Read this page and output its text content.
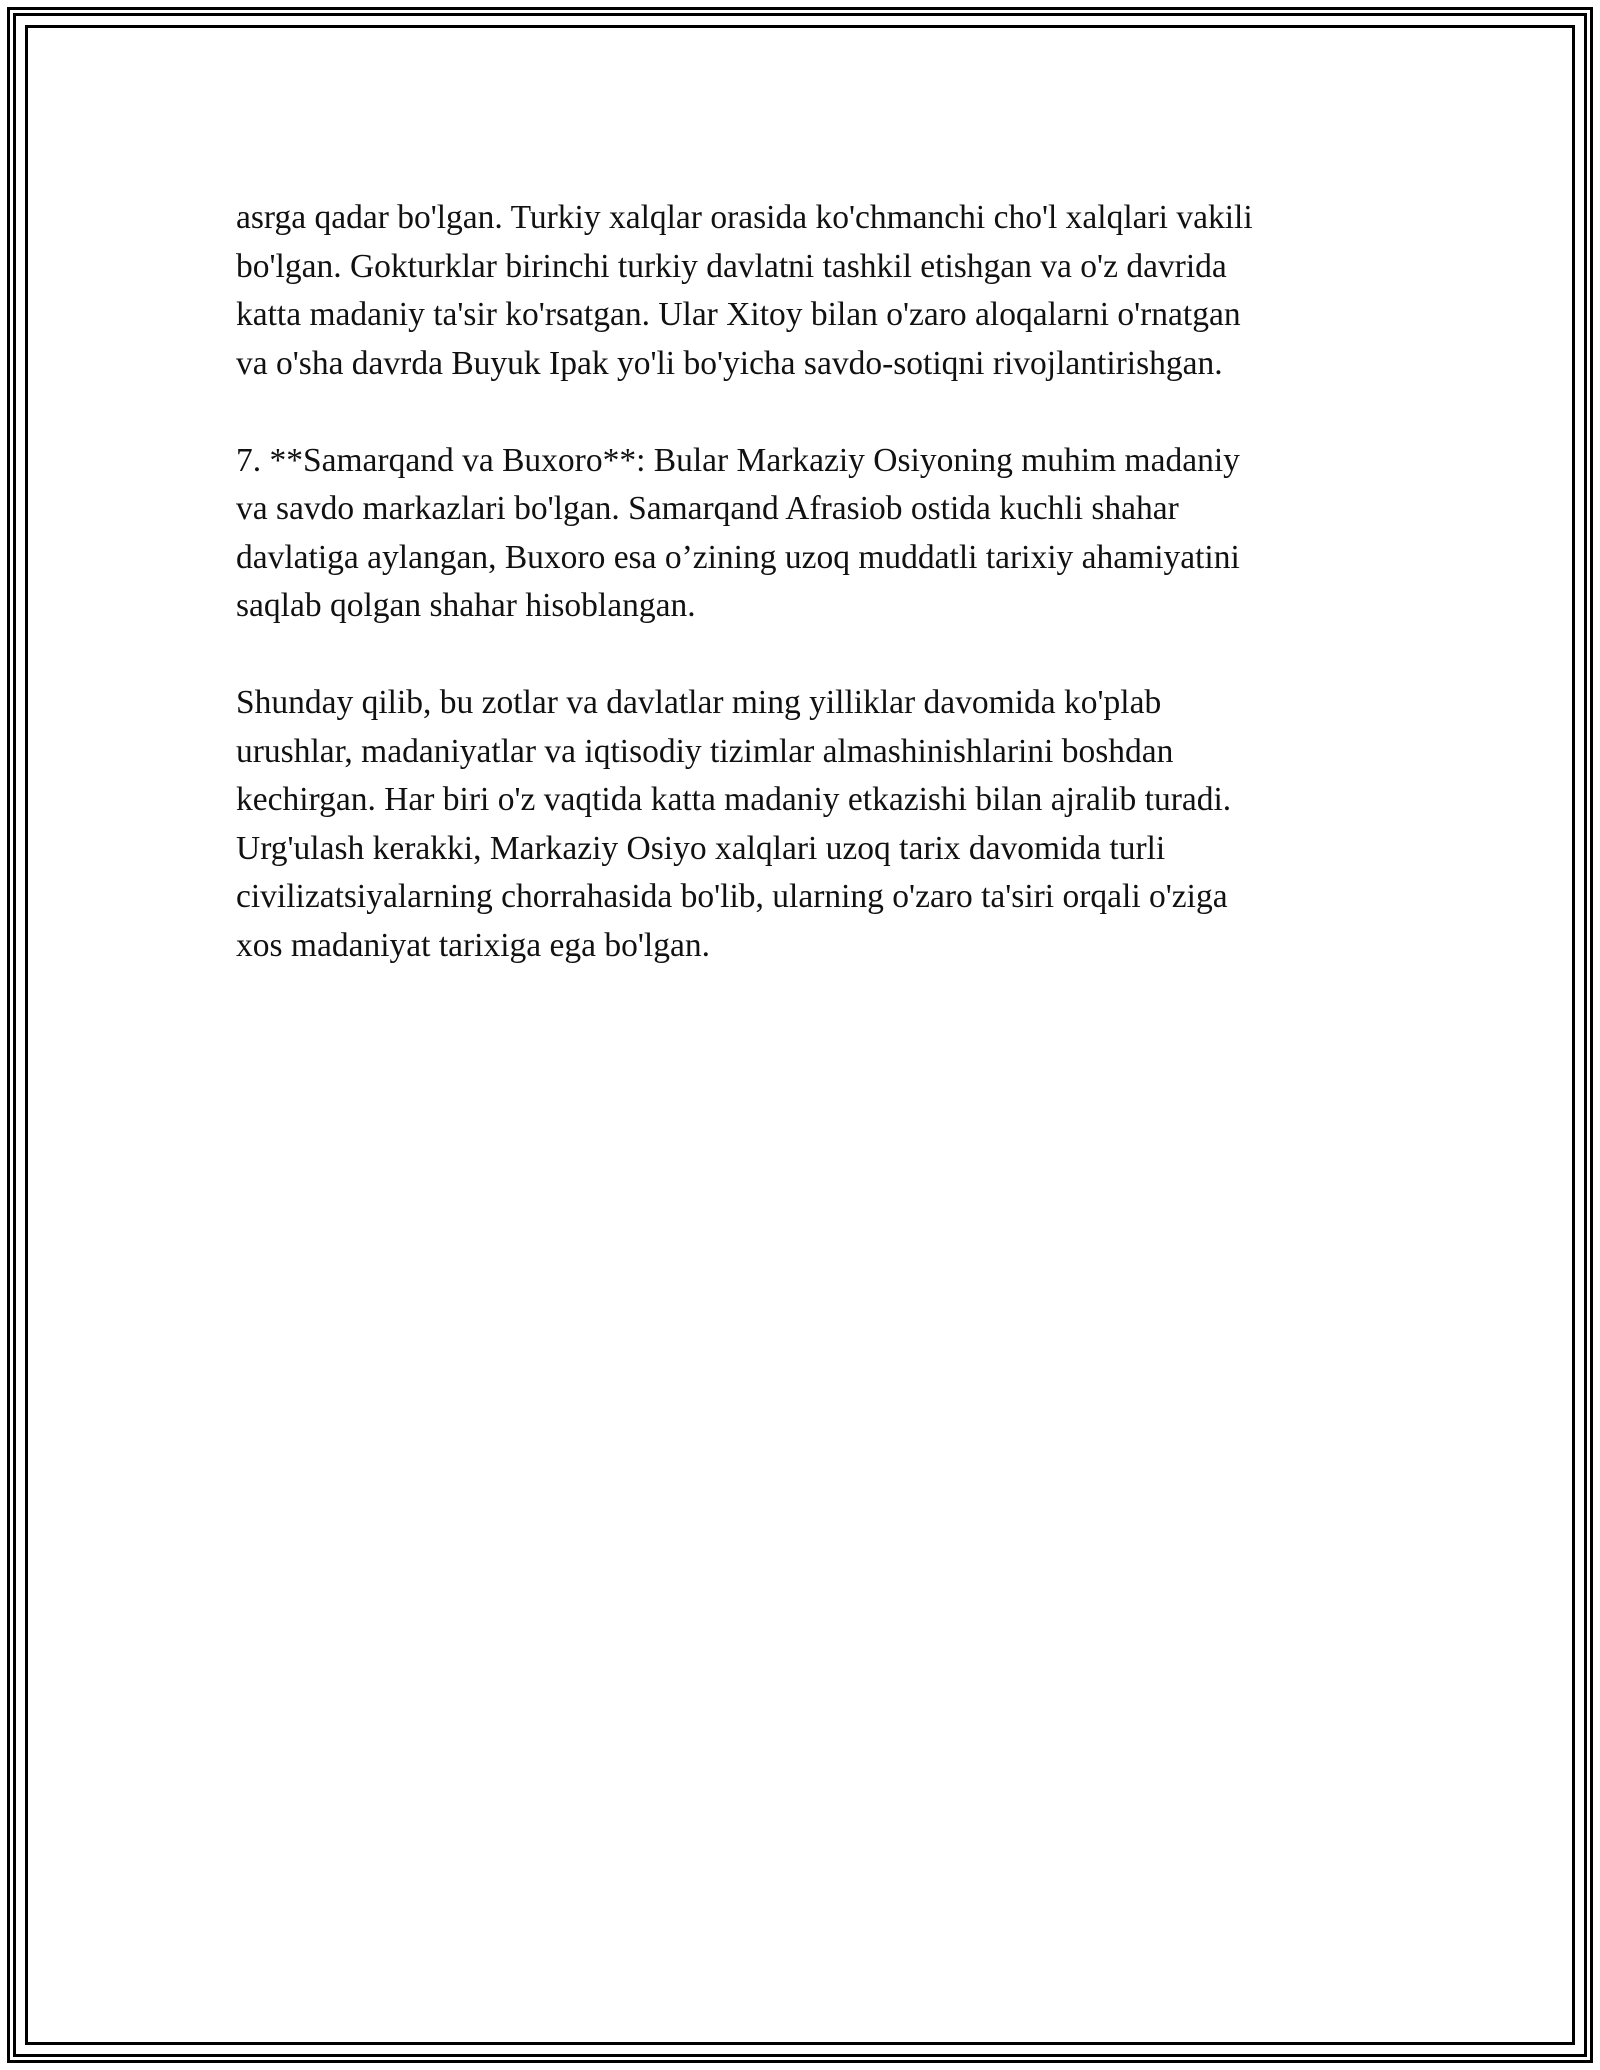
asrga qadar bo'lgan. Turkiy xalqlar orasida ko'chmanchi cho'l xalqlari vakili
bo'lgan. Gokturklar birinchi turkiy davlatni tashkil etishgan va o'z davrida
katta madaniy ta'sir ko'rsatgan. Ular Xitoy bilan o'zaro aloqalarni o'rnatgan
va o'sha davrda Buyuk Ipak yo'li bo'yicha savdo-sotiqni rivojlantirishgan.

7. **Samarqand va Buxoro**: Bular Markaziy Osiyoning muhim madaniy
va savdo markazlari bo'lgan. Samarqand Afrasiob ostida kuchli shahar
davlatiga aylangan, Buxoro esa o’zining uzoq muddatli tarixiy ahamiyatini
saqlab qolgan shahar hisoblangan.

Shunday qilib, bu zotlar va davlatlar ming yilliklar davomida ko'plab
urushlar, madaniyatlar va iqtisodiy tizimlar almashinishlarini boshdan
kechirgan. Har biri o'z vaqtida katta madaniy etkazishi bilan ajralib turadi.
Urg'ulash kerakki, Markaziy Osiyo xalqlari uzoq tarix davomida turli
civilizatsiyalarning chorrahasida bo'lib, ularning o'zaro ta'siri orqali o'ziga
xos madaniyat tarixiga ega bo'lgan.
